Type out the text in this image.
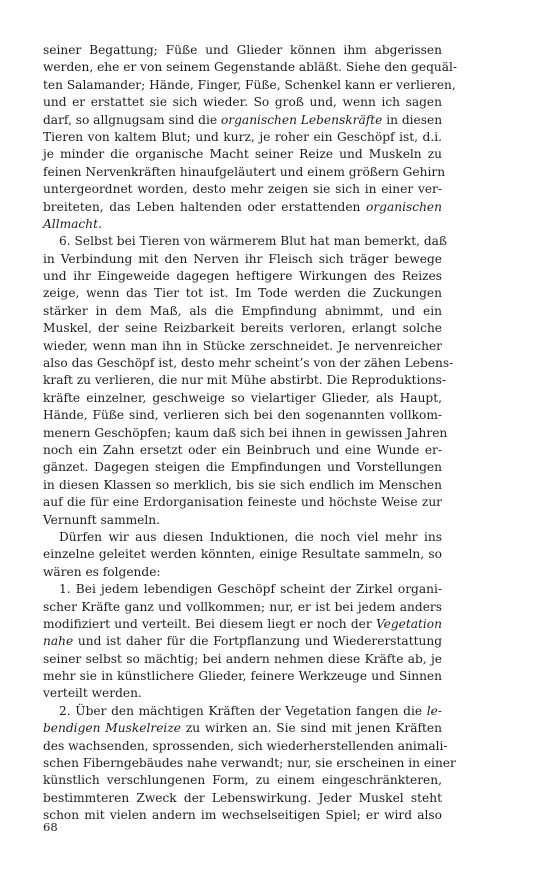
seiner Begattung; Füße und Glieder können ihm abgerissen
werden, ehe er von seinem Gegenstande abläßt. Siehe den gequäl-
ten Salamander; Hände, Finger, Füße, Schenkel kann er verlieren,
und er erstattet sie sich wieder. So groß und, wenn ich sagen
darf, so allgnugsam sind die organischen Lebenskräfte in diesen
Tieren von kaltem Blut; und kurz, je roher ein Geschöpf ist, d.i.
je minder die organische Macht seiner Reize und Muskeln zu
feinen Nervenkräften hinaufgeläutert und einem größern Gehirn
untergeordnet worden, desto mehr zeigen sie sich in einer ver-
breiteten, das Leben haltenden oder erstattenden organischen
Allmacht.
6. Selbst bei Tieren von wärmerem Blut hat man bemerkt, daß
in Verbindung mit den Nerven ihr Fleisch sich träger bewege
und ihr Eingeweide dagegen heftigere Wirkungen des Reizes
zeige, wenn das Tier tot ist. Im Tode werden die Zuckungen
stärker in dem Maß, als die Empfindung abnimmt, und ein
Muskel, der seine Reizbarkeit bereits verloren, erlangt solche
wieder, wenn man ihn in Stücke zerschneidet. Je nervenreicher
also das Geschöpf ist, desto mehr scheint’s von der zähen Lebens-
kraft zu verlieren, die nur mit Mühe abstirbt. Die Reproduktions-
kräfte einzelner, geschweige so vielartiger Glieder, als Haupt,
Hände, Füße sind, verlieren sich bei den sogenannten vollkom-
menern Geschöpfen; kaum daß sich bei ihnen in gewissen Jahren
noch ein Zahn ersetzt oder ein Beinbruch und eine Wunde er-
gänzet. Dagegen steigen die Empfindungen und Vorstellungen
in diesen Klassen so merklich, bis sie sich endlich im Menschen
auf die für eine Erdorganisation feineste und höchste Weise zur
Vernunft sammeln.
Dürfen wir aus diesen Induktionen, die noch viel mehr ins
einzelne geleitet werden könnten, einige Resultate sammeln, so
wären es folgende:
1. Bei jedem lebendigen Geschöpf scheint der Zirkel organi-
scher Kräfte ganz und vollkommen; nur, er ist bei jedem anders
modifiziert und verteilt. Bei diesem liegt er noch der Vegetation
nahe und ist daher für die Fortpflanzung und Wiedererstattung
seiner selbst so mächtig; bei andern nehmen diese Kräfte ab, je
mehr sie in künstlichere Glieder, feinere Werkzeuge und Sinnen
verteilt werden.
2. Über den mächtigen Kräften der Vegetation fangen die le-
bendigen Muskelreize zu wirken an. Sie sind mit jenen Kräften
des wachsenden, sprossenden, sich wiederherstellenden animali-
schen Fiberngebäudes nahe verwandt; nur, sie erscheinen in einer
künstlich verschlungenen Form, zu einem eingeschränkteren,
bestimmteren Zweck der Lebenswirkung. Jeder Muskel steht
schon mit vielen andern im wechselseitigen Spiel; er wird also
68
